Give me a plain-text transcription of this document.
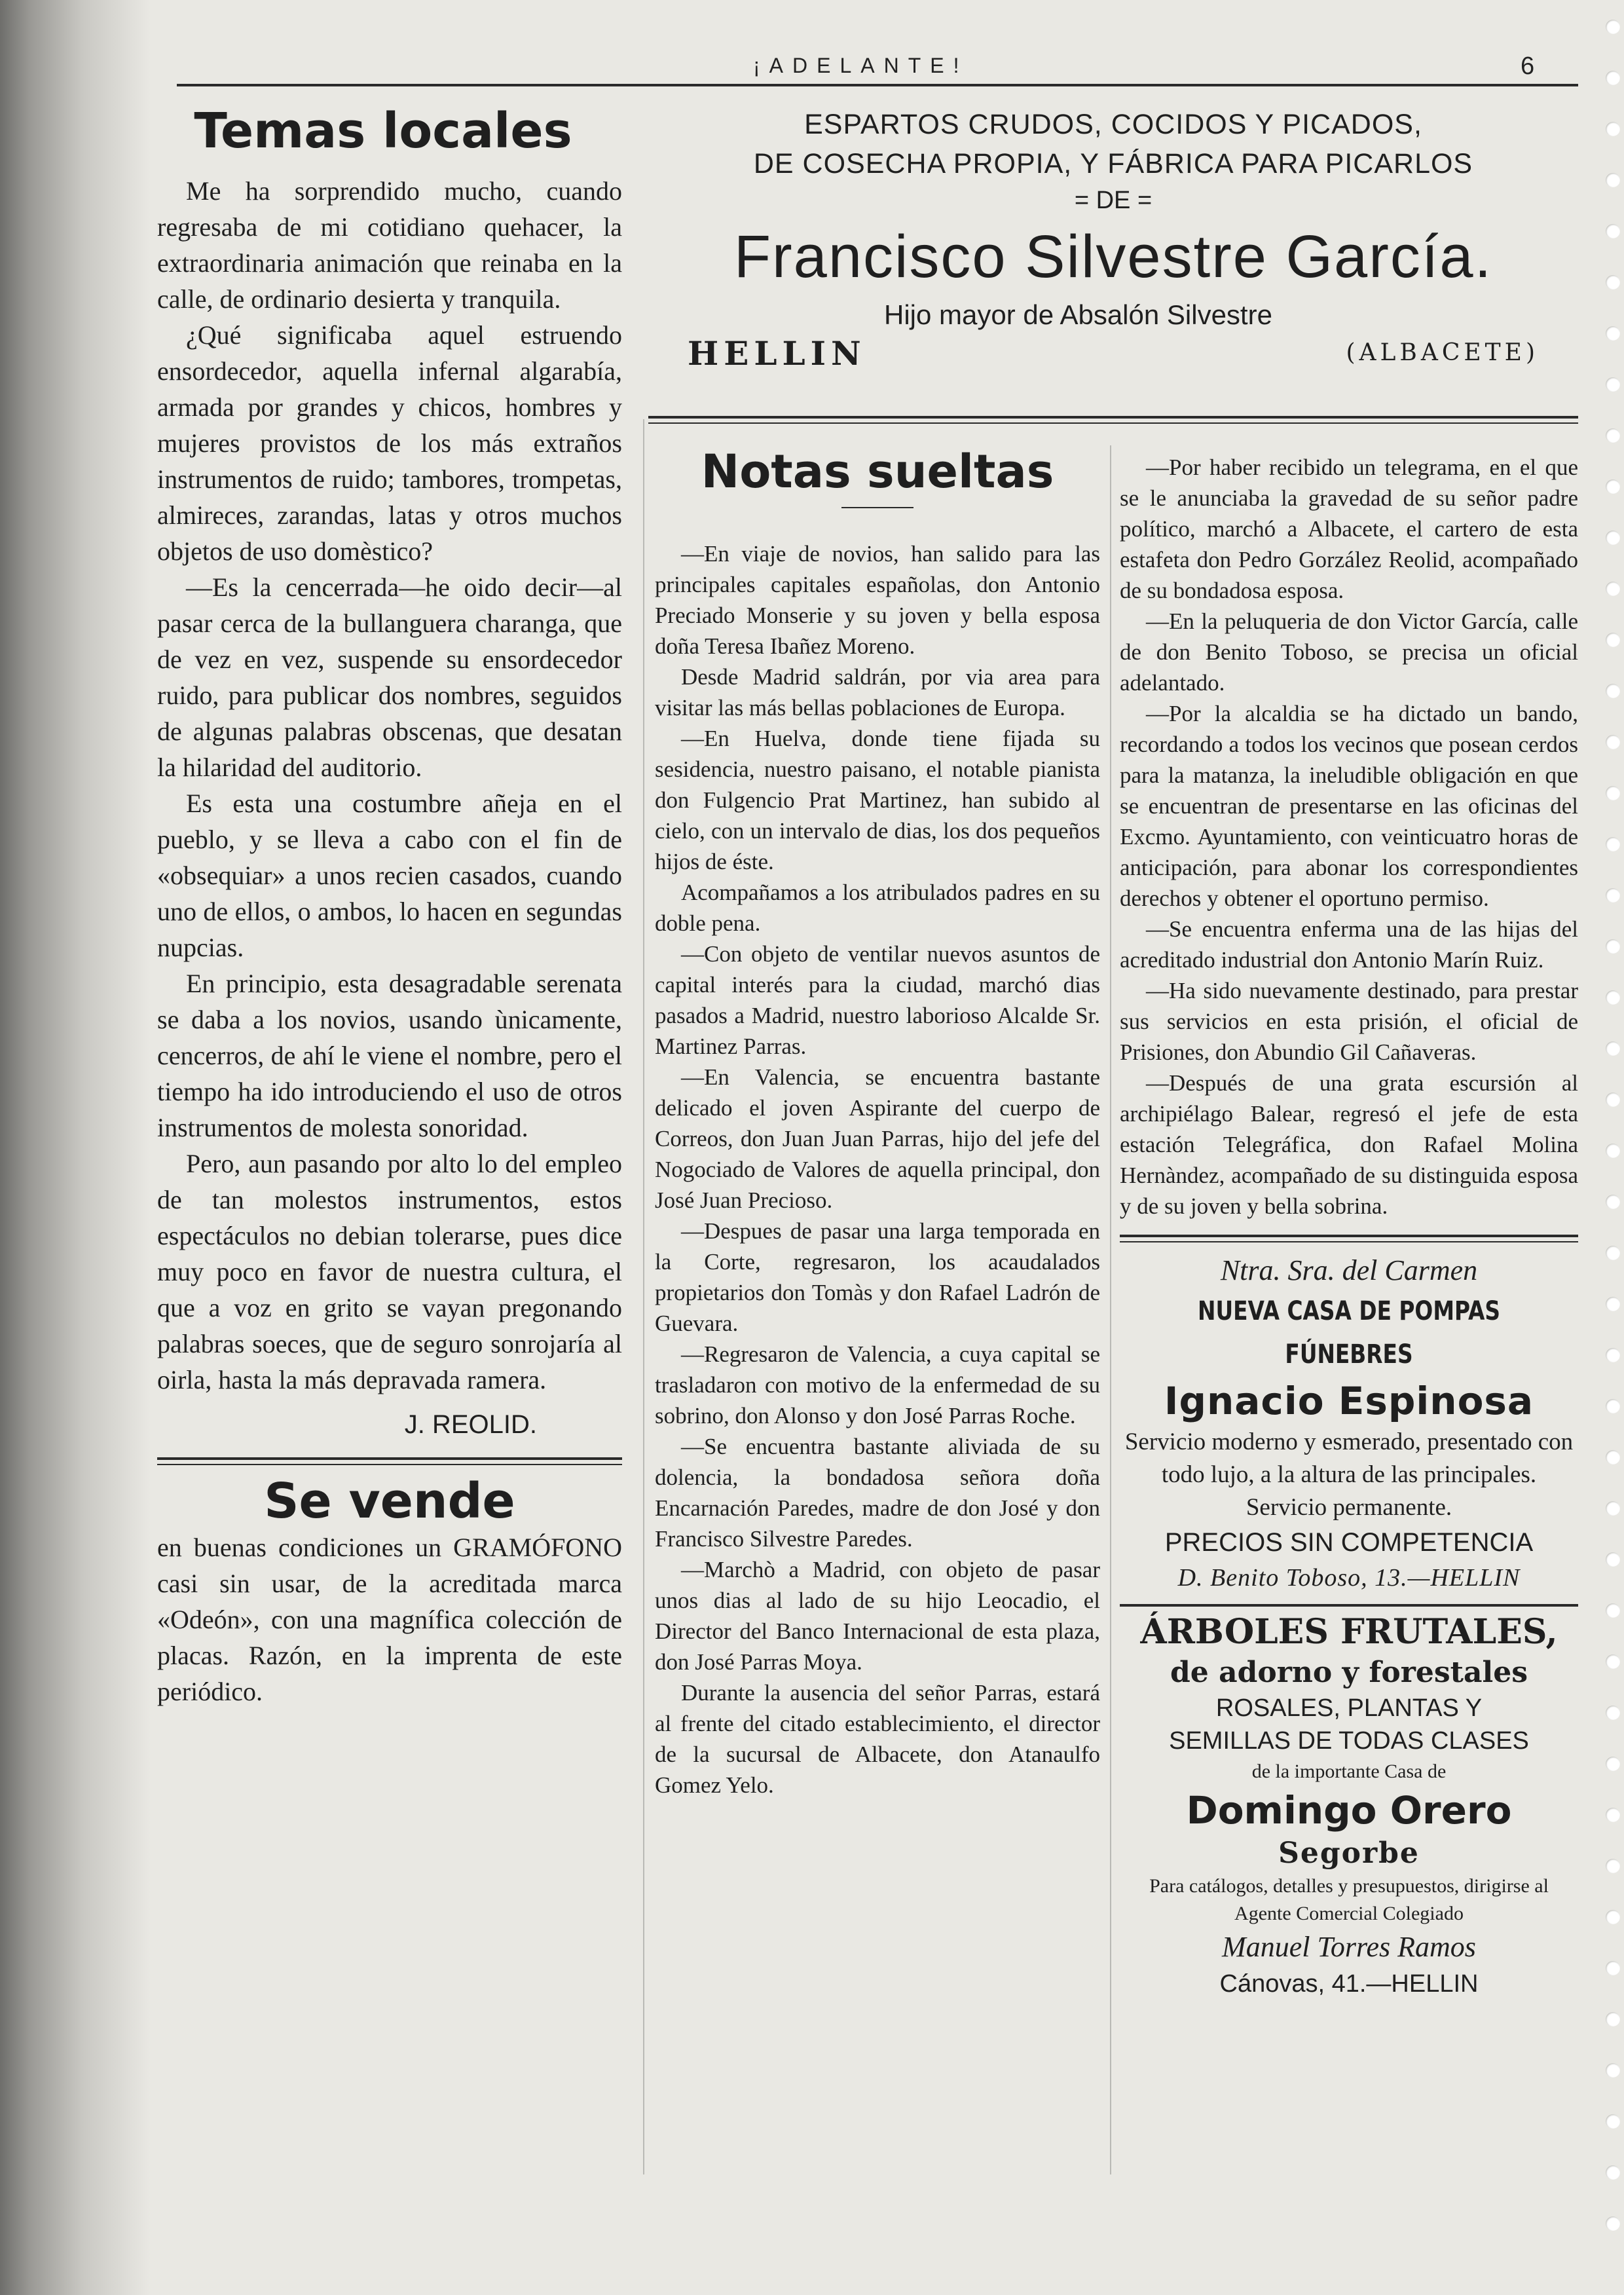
¡ADELANTE!	6
Temas locales

Me ha sorprendido mucho, cuando regresaba de mi cotidiano quehacer, la extraordinaria animación que reinaba en la calle, de ordinario desierta y tranquila.

¿Qué significaba aquel estruendo ensordecedor, aquella infernal algarabía, armada por grandes y chicos, hombres y mujeres provistos de los más extraños instrumentos de ruido; tambores, trompetas, almireces, zarandas, latas y otros muchos objetos de uso domèstico?

—Es la cencerrada—he oido decir—al pasar cerca de la bullanguera charanga, que de vez en vez, suspende su ensordecedor ruido, para publicar dos nombres, seguidos de algunas palabras obscenas, que desatan la hilaridad del auditorio.

Es esta una costumbre añeja en el pueblo, y se lleva a cabo con el fin de «obsequiar» a unos recien casados, cuando uno de ellos, o ambos, lo hacen en segundas nupcias.

En principio, esta desagradable serenata se daba a los novios, usando ùnicamente, cencerros, de ahí le viene el nombre, pero el tiempo ha ido introduciendo el uso de otros instrumentos de molesta sonoridad.

Pero, aun pasando por alto lo del empleo de tan molestos instrumentos, estos espectáculos no debian tolerarse, pues dice muy poco en favor de nuestra cultura, el que a voz en grito se vayan pregonando palabras soeces, que de seguro sonrojaría al oirla, hasta la más depravada ramera.

J. REOLID.
Se vende

en buenas condiciones un GRAMÓFONO casi sin usar, de la acreditada marca «Odeón», con una magnífica colección de placas. Razón, en la imprenta de este periódico.

ESPARTOS CRUDOS, COCIDOS Y PICADOS,
DE COSECHA PROPIA, Y FÁBRICA PARA PICARLOS
= DE =
Francisco Silvestre García.
Hijo mayor de Absalón Silvestre
HELLIN	(ALBACETE)
Notas sueltas

—En viaje de novios, han salido para las principales capitales españolas, don Antonio Preciado Monserie y su joven y bella esposa doña Teresa Ibañez Moreno.

Desde Madrid saldrán, por via area para visitar las más bellas poblaciones de Europa.

—En Huelva, donde tiene fijada su sesidencia, nuestro paisano, el notable pianista don Fulgencio Prat Martinez, han subido al cielo, con un intervalo de dias, los dos pequeños hijos de éste.

Acompañamos a los atribulados padres en su doble pena.

—Con objeto de ventilar nuevos asuntos de capital interés para la ciudad, marchó dias pasados a Madrid, nuestro laborioso Alcalde Sr. Martinez Parras.

—En Valencia, se encuentra bastante delicado el joven Aspirante del cuerpo de Correos, don Juan Juan Parras, hijo del jefe del Nogociado de Valores de aquella principal, don José Juan Precioso.

—Despues de pasar una larga temporada en la Corte, regresaron, los acaudalados propietarios don Tomàs y don Rafael Ladrón de Guevara.

—Regresaron de Valencia, a cuya capital se trasladaron con motivo de la enfermedad de su sobrino, don Alonso y don José Parras Roche.

—Se encuentra bastante aliviada de su dolencia, la bondadosa señora doña Encarnación Paredes, madre de don José y don Francisco Silvestre Paredes.

—Marchò a Madrid, con objeto de pasar unos dias al lado de su hijo Leocadio, el Director del Banco Internacional de esta plaza, don José Parras Moya.

Durante la ausencia del señor Parras, estará al frente del citado establecimiento, el director de la sucursal de Albacete, don Atanaulfo Gomez Yelo.

—Por haber recibido un telegrama, en el que se le anunciaba la gravedad de su señor padre político, marchó a Albacete, el cartero de esta estafeta don Pedro Gorzález Reolid, acompañado de su bondadosa esposa.

—En la peluqueria de don Victor García, calle de don Benito Toboso, se precisa un oficial adelantado.

—Por la alcaldia se ha dictado un bando, recordando a todos los vecinos que posean cerdos para la matanza, la ineludible obligación en que se encuentran de presentarse en las oficinas del Excmo. Ayuntamiento, con veinticuatro horas de anticipación, para abonar los correspondientes derechos y obtener el oportuno permiso.

—Se encuentra enferma una de las hijas del acreditado industrial don Antonio Marín Ruiz.

—Ha sido nuevamente destinado, para prestar sus servicios en esta prisión, el oficial de Prisiones, don Abundio Gil Cañaveras.

—Después de una grata escursión al archipiélago Balear, regresó el jefe de esta estación Telegráfica, don Rafael Molina Hernàndez, acompañado de su distinguida esposa y de su joven y bella sobrina.

Ntra. Sra. del Carmen
NUEVA CASA DE POMPAS FÚNEBRES
Ignacio Espinosa

Servicio moderno y esmerado, presentado con todo lujo, a la altura de las principales. Servicio permanente.

PRECIOS SIN COMPETENCIA
D. Benito Toboso, 13.—HELLIN
ÁRBOLES FRUTALES,
de adorno y forestales
ROSALES, PLANTAS Y
SEMILLAS DE TODAS CLASES
de la importante Casa de
Domingo Orero
Segorbe

Para catálogos, detalles y presupuestos, dirigirse al Agente Comercial Colegiado

Manuel Torres Ramos
Cánovas, 41.—HELLIN
